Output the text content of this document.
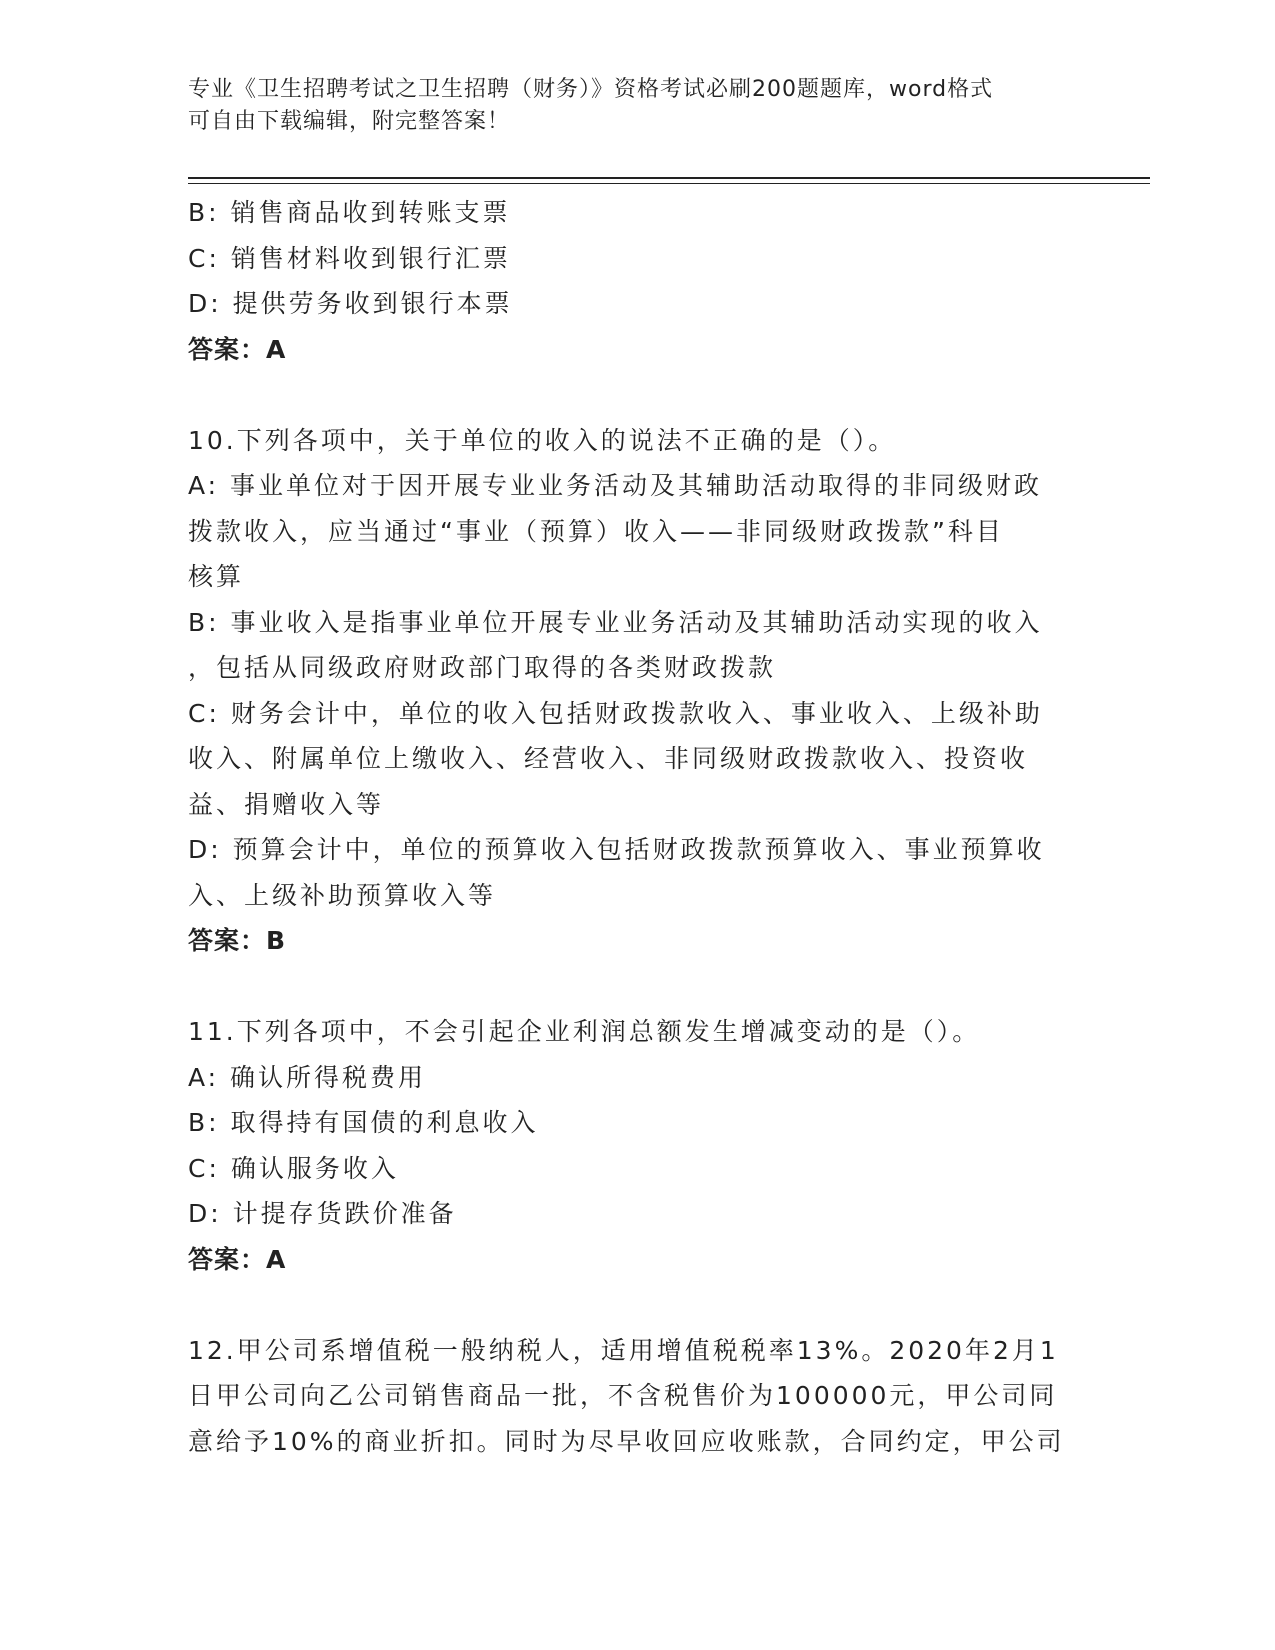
专业《卫生招聘考试之卫生招聘（财务）》资格考试必刷200题题库，word格式
可自由下载编辑，附完整答案！

B: 销售商品收到转账支票

C: 销售材料收到银行汇票

D: 提供劳务收到银行本票

答案：A

10.下列各项中，关于单位的收入的说法不正确的是（）。

A: 事业单位对于因开展专业业务活动及其辅助活动取得的非同级财政

拨款收入，应当通过“事业（预算）收入——非同级财政拨款”科目

核算

B: 事业收入是指事业单位开展专业业务活动及其辅助活动实现的收入

，包括从同级政府财政部门取得的各类财政拨款

C: 财务会计中，单位的收入包括财政拨款收入、事业收入、上级补助

收入、附属单位上缴收入、经营收入、非同级财政拨款收入、投资收

益、捐赠收入等

D: 预算会计中，单位的预算收入包括财政拨款预算收入、事业预算收

入、上级补助预算收入等

答案：B

11.下列各项中，不会引起企业利润总额发生增减变动的是（）。

A: 确认所得税费用

B: 取得持有国债的利息收入

C: 确认服务收入

D: 计提存货跌价准备

答案：A

12.甲公司系增值税一般纳税人，适用增值税税率13%。2020年2月1

日甲公司向乙公司销售商品一批，不含税售价为100000元，甲公司同

意给予10%的商业折扣。同时为尽早收回应收账款，合同约定，甲公司
